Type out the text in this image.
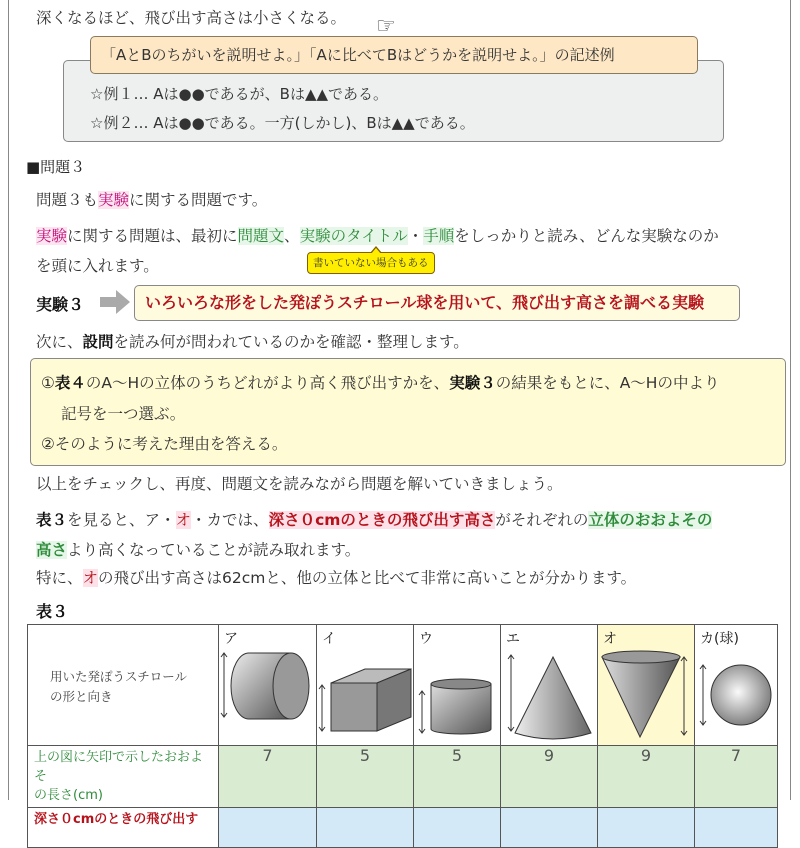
深くなるほど、飛び出す高さは小さくなる。 ☞
☆例１… Aは●●であるが、Bは▲▲である。
☆例２… Aは●●である。一方(しかし)、Bは▲▲である。
「AとBのちがいを説明せよ。」「Aに比べてBはどうかを説明せよ。」の記述例
■問題３
問題３も実験に関する問題です。
実験に関する問題は、最初に問題文、実験のタイトル・手順をしっかりと読み、どんな実験なのか
を頭に入れます。	書いていない場合もある
実験３	いろいろな形をした発ぽうスチロール球を用いて、飛び出す高さを調べる実験
次に、設問を読み何が問われているのかを確認・整理します。
①表４のA〜Hの立体のうちどれがより高く飛び出すかを、実験３の結果をもとに、A〜Hの中より
記号を一つ選ぶ。
②そのように考えた理由を答える。
以上をチェックし、再度、問題文を読みながら問題を解いていきましょう。
表３を見ると、ア・オ・カでは、深さ０cmのときの飛び出す高さがそれぞれの立体のおおよその
高さより高くなっていることが読み取れます。
特に、オの飛び出す高さは62cmと、他の立体と比べて非常に高いことが分かります。
表３
用いた発ぽうスチロール
の形と向き	ア	イ	ウ	エ	オ	カ(球)

上の図に矢印で示したおおよそ
の長さ(cm)	7	5	5	9	9	7

深さ０cmのときの飛び出す						
